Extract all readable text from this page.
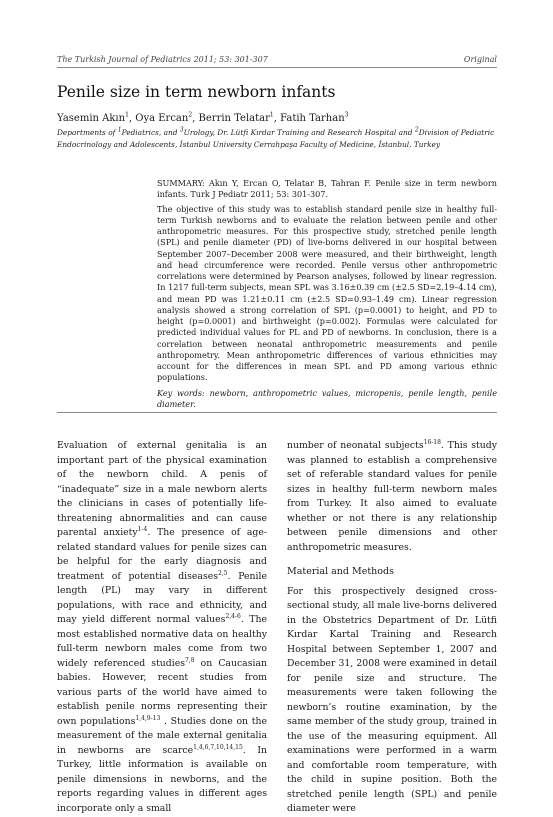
The Turkish Journal of Pediatrics 2011; 53: 301-307	Original
Penile size in term newborn infants
Yasemin Akın$^1$, Oya Ercan$^2$, Berrin Telatar$^1$, Fatih Tarhan$^3$
Departments of $^1$Pediatrics, and $^3$Urology, Dr. Lütfi Kırdar Training and Research Hospital and $^2$Division of Pediatric
Endocrinology and Adolescents, İstanbul University Cerrahpaşa Faculty of Medicine, İstanbul, Turkey

SUMMARY: Akın Y, Ercan O, Telatar B, Tahran F. Penile size in term newborn infants. Turk J Pediatr 2011; 53: 301-307.

The objective of this study was to establish standard penile size in healthy full-term Turkish newborns and to evaluate the relation between penile and other anthropometric measures. For this prospective study, stretched penile length (SPL) and penile diameter (PD) of live-borns delivered in our hospital between September 2007–December 2008 were measured, and their birthweight, length and head circumference were recorded. Penile versus other anthropometric correlations were determined by Pearson analyses, followed by linear regression. In 1217 full-term subjects, mean SPL was 3.16±0.39 cm (±2.5 SD=2.19–4.14 cm), and mean PD was 1.21±0.11 cm (±2.5 SD=0.93–1.49 cm). Linear regression analysis showed a strong correlation of SPL (p=0.0001) to height, and PD to height (p=0.0001) and birthweight (p=0.002). Formulas were calculated for predicted individual values for PL and PD of newborns. In conclusion, there is a correlation between neonatal anthropometric measurements and penile anthropometry. Mean anthropometric differences of various ethnicities may account for the differences in mean SPL and PD among various ethnic populations.

Key words: newborn, anthropometric values, micropenis, penile length, penile diameter.

Evaluation of external genitalia is an important part of the physical examination of the newborn child. A penis of “inadequate” size in a male newborn alerts the clinicians in cases of potentially life-threatening abnormalities and can cause parental anxiety$^{1-4}$. The presence of age-related standard values for penile sizes can be helpful for the early diagnosis and treatment of potential diseases$^{2,5}$. Penile length (PL) may vary in different populations, with race and ethnicity, and may yield different normal values$^{2,4-6}$. The most established normative data on healthy full-term newborn males come from two widely referenced studies$^{7,8}$ on Caucasian babies. However, recent studies from various parts of the world have aimed to establish penile norms representing their own populations$^{1,4,9-13}$ . Studies done on the measurement of the male external genitalia in newborns are scarce$^{1,4,6,7,10,14,15}$. In Turkey, little information is available on penile dimensions in newborns, and the reports regarding values in different ages incorporate only a small

number of neonatal subjects$^{16-18}$. This study was planned to establish a comprehensive set of referable standard values for penile sizes in healthy full-term newborn males from Turkey. It also aimed to evaluate whether or not there is any relationship between penile dimensions and other anthropometric measures.

Material and Methods

For this prospectively designed cross-sectional study, all male live-borns delivered in the Obstetrics Department of Dr. Lütfi Kırdar Kartal Training and Research Hospital between September 1, 2007 and December 31, 2008 were examined in detail for penile size and structure. The measurements were taken following the newborn’s routine examination, by the same member of the study group, trained in the use of the measuring equipment. All examinations were performed in a warm and comfortable room temperature, with the child in supine position. Both the stretched penile length (SPL) and penile diameter were
